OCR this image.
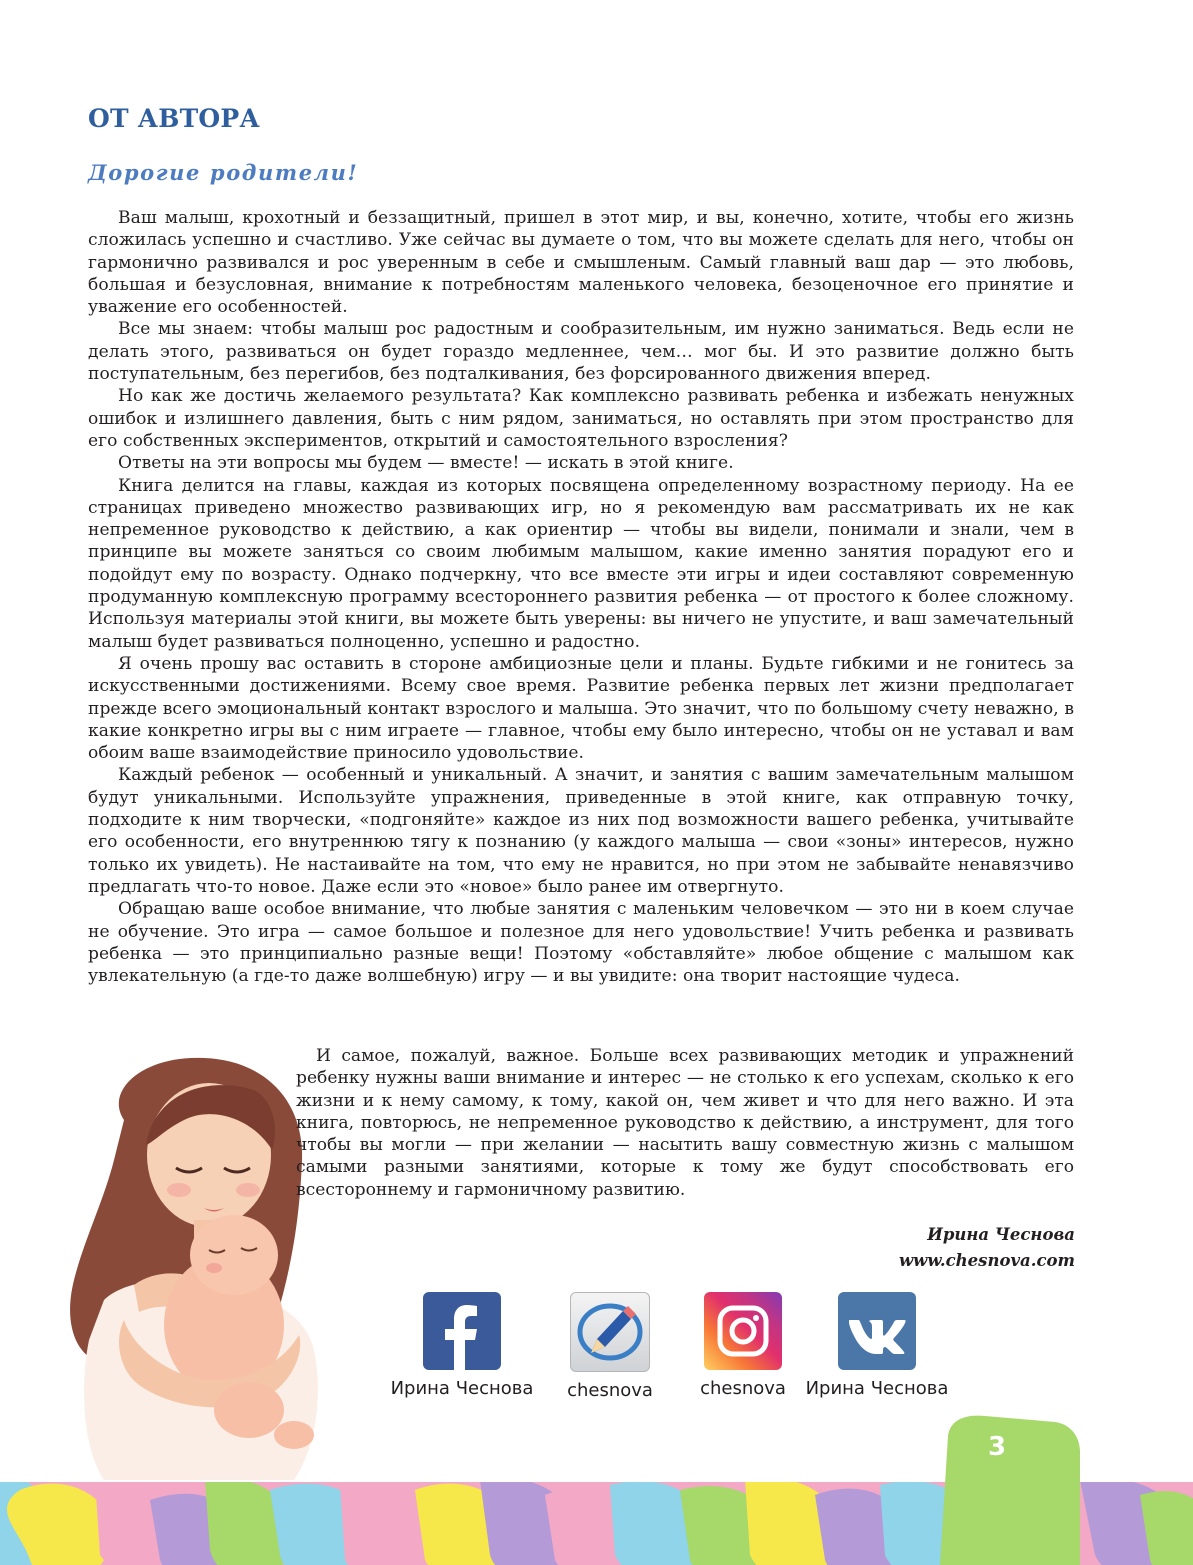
ОТ АВТОРА
Дорогие родители!

Ваш малыш, крохотный и беззащитный, пришел в этот мир, и вы, конечно, хотите, чтобы его жизнь сложилась успешно и счастливо. Уже сейчас вы думаете о том, что вы можете сделать для него, чтобы он гармонично развивался и рос уверенным в себе и смышленым. Самый главный ваш дар — это любовь, большая и безусловная, внимание к потребностям маленького человека, безоценочное его принятие и уважение его особенностей.

Все мы знаем: чтобы малыш рос радостным и сообразительным, им нужно заниматься. Ведь если не делать этого, развиваться он будет гораздо медленнее, чем… мог бы. И это развитие должно быть поступательным, без перегибов, без подталкивания, без форсированного движения вперед.

Но как же достичь желаемого результата? Как комплексно развивать ребенка и избежать ненужных ошибок и излишнего давления, быть с ним рядом, заниматься, но оставлять при этом пространство для его собственных экспериментов, открытий и самостоятельного взросления?

Ответы на эти вопросы мы будем — вместе! — искать в этой книге.

Книга делится на главы, каждая из которых посвящена определенному возрастному периоду. На ее страницах приведено множество развивающих игр, но я рекомендую вам рассматривать их не как непременное руководство к действию, а как ориентир — чтобы вы видели, понимали и знали, чем в принципе вы можете заняться со своим любимым малышом, какие именно занятия порадуют его и подойдут ему по возрасту. Однако подчеркну, что все вместе эти игры и идеи составляют современную продуманную комплексную программу всестороннего развития ребенка — от простого к более сложному. Используя материалы этой книги, вы можете быть уверены: вы ничего не упустите, и ваш замечательный малыш будет развиваться полноценно, успешно и радостно.

Я очень прошу вас оставить в стороне амбициозные цели и планы. Будьте гибкими и не гонитесь за искусственными достижениями. Всему свое время. Развитие ребенка первых лет жизни предполагает прежде всего эмоциональный контакт взрослого и малыша. Это значит, что по большому счету неважно, в какие конкретно игры вы с ним играете — главное, чтобы ему было интересно, чтобы он не уставал и вам обоим ваше взаимодействие приносило удовольствие.

Каждый ребенок — особенный и уникальный. А значит, и занятия с вашим замечательным малышом будут уникальными. Используйте упражнения, приведенные в этой книге, как отправную точку, подходите к ним творчески, «подгоняйте» каждое из них под возможности вашего ребенка, учитывайте его особенности, его внутреннюю тягу к познанию (у каждого малыша — свои «зоны» интересов, нужно только их увидеть). Не настаивайте на том, что ему не нравится, но при этом не забывайте ненавязчиво предлагать что-то новое. Даже если это «новое» было ранее им отвергнуто.

Обращаю ваше особое внимание, что любые занятия с маленьким человечком — это ни в коем случае не обучение. Это игра — самое большое и полезное для него удовольствие! Учить ребенка и развивать ребенка — это принципиально разные вещи! Поэтому «обставляйте» любое общение с малышом как увлекательную (а где-то даже волшебную) игру — и вы увидите: она творит настоящие чудеса.

И самое, пожалуй, важное. Больше всех развивающих методик и упражнений ребенку нужны ваши внимание и интерес — не столько к его успехам, сколько к его жизни и к нему самому, к тому, какой он, чем живет и что для него важно. И эта книга, повторюсь, не непременное руководство к действию, а инструмент, для того чтобы вы могли — при желании — насытить вашу совместную жизнь с малышом самыми разными занятиями, которые к тому же будут способствовать его всестороннему и гармоничному развитию.

Ирина Чеснова
www.chesnova.com
Ирина Чеснова	chesnova	chesnova	Ирина Чеснова
3
